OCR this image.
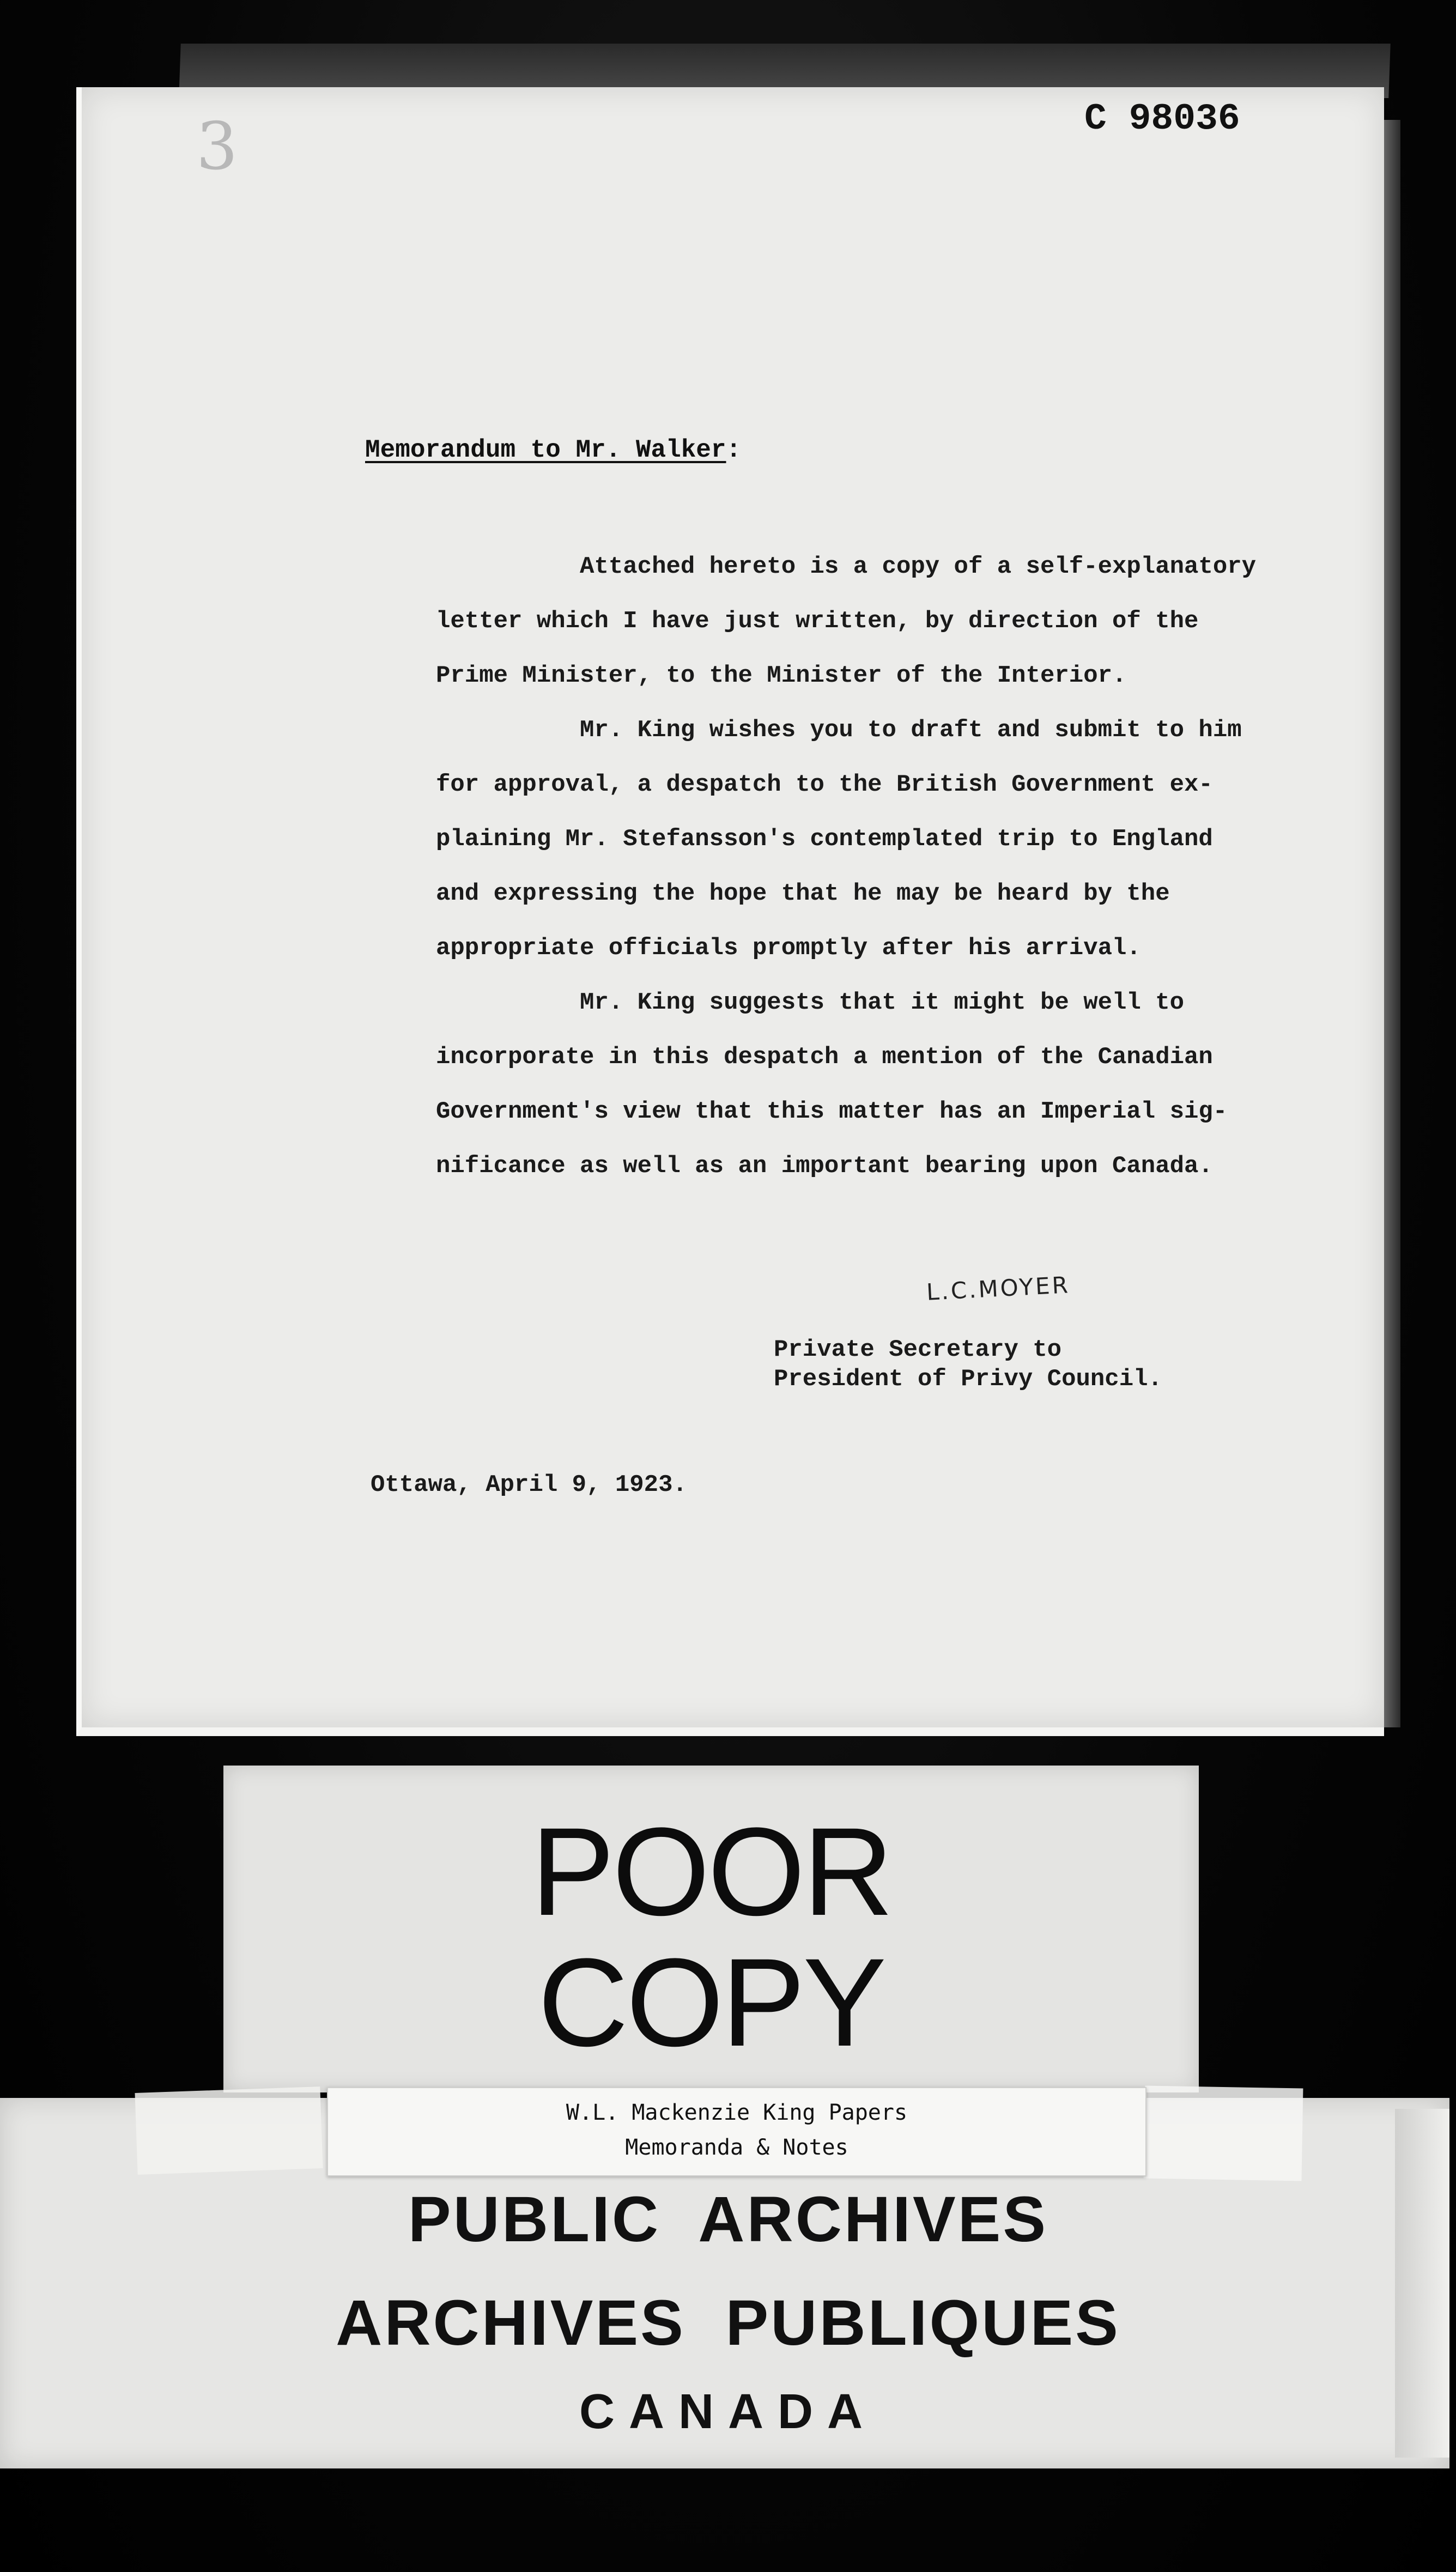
3	C 98036
Memorandum to Mr. Walker:

Attached hereto is a copy of a self-explanatory
letter which I have just written, by direction of the
Prime Minister, to the Minister of the Interior.

Mr. King wishes you to draft and submit to him
for approval, a despatch to the British Government ex-
plaining Mr. Stefansson's contemplated trip to England
and expressing the hope that he may be heard by the
appropriate officials promptly after his arrival.

Mr. King suggests that it might be well to
incorporate in this despatch a mention of the Canadian
Government's view that this matter has an Imperial sig-
nificance as well as an important bearing upon Canada.

L.C.MOYER
Private Secretary to
President of Privy Council.
Ottawa, April 9, 1923.
POOR
COPY
W.L. Mackenzie King Papers
Memoranda & Notes
PUBLIC  ARCHIVES
ARCHIVES  PUBLIQUES
CANADA
